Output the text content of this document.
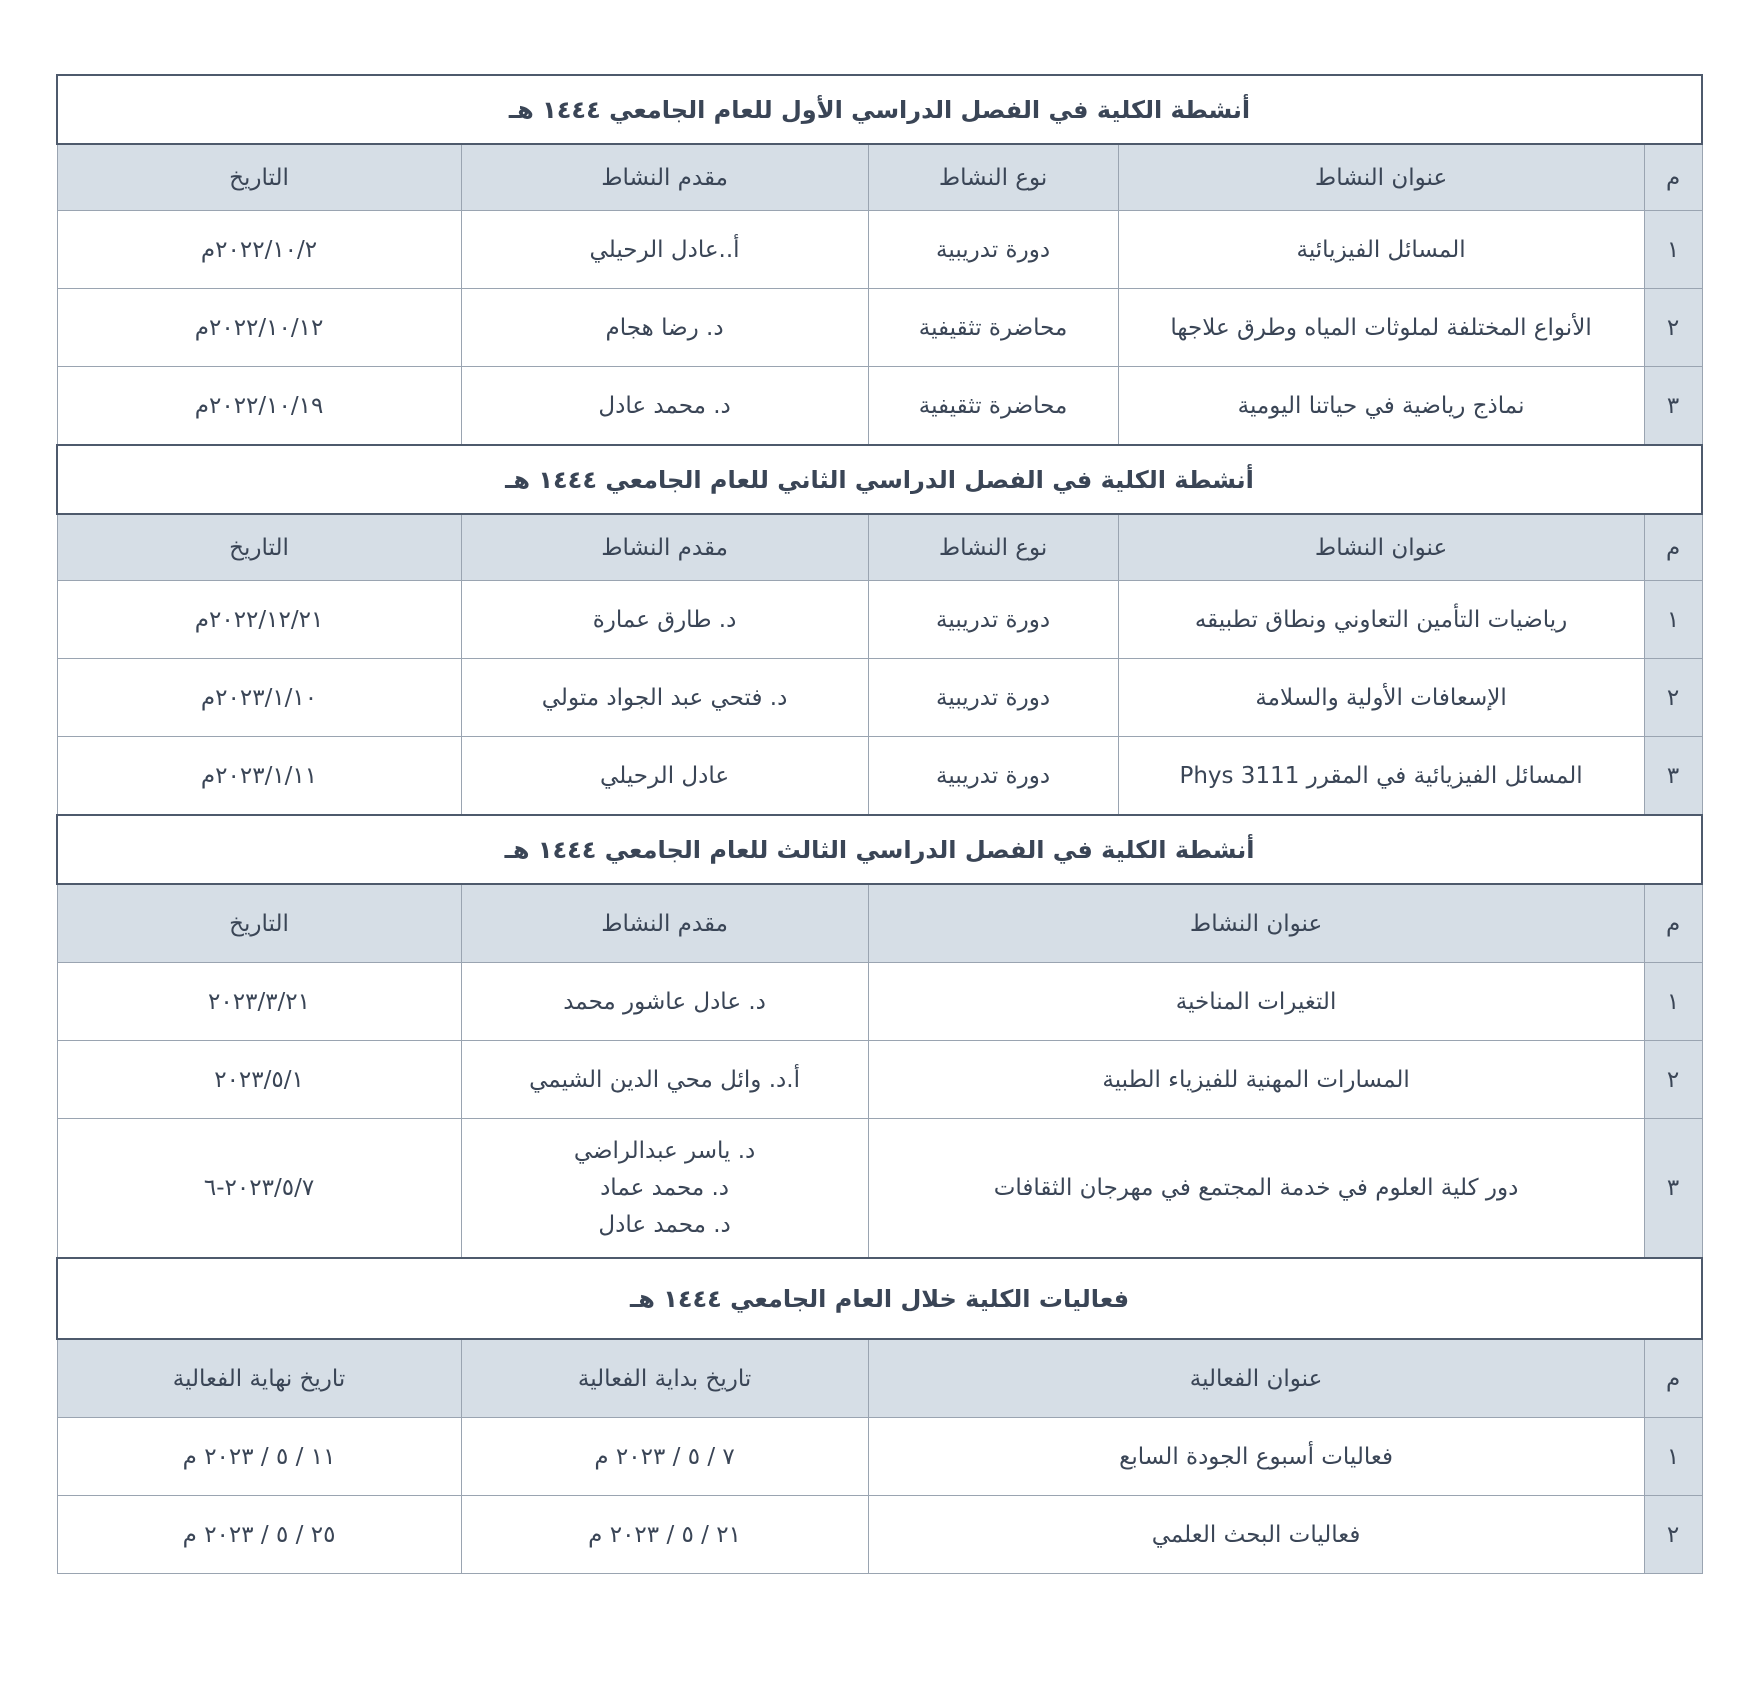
أنشطة الكلية في الفصل الدراسي الأول للعام الجامعي ١٤٤٤ هـ				
م	عنوان النشاط	نوع النشاط	مقدم النشاط	التاريخ
١	المسائل الفيزيائية	دورة تدريبية	أ..عادل الرحيلي	٢٠٢٢/١٠/٢م
٢	الأنواع المختلفة لملوثات المياه وطرق علاجها	محاضرة تثقيفية	د. رضا هجام	٢٠٢٢/١٠/١٢م
٣	نماذج رياضية في حياتنا اليومية	محاضرة تثقيفية	د. محمد عادل	٢٠٢٢/١٠/١٩م
أنشطة الكلية في الفصل الدراسي الثاني للعام الجامعي ١٤٤٤ هـ				
م	عنوان النشاط	نوع النشاط	مقدم النشاط	التاريخ
١	رياضيات التأمين التعاوني ونطاق تطبيقه	دورة تدريبية	د. طارق عمارة	٢٠٢٢/١٢/٢١م
٢	الإسعافات الأولية والسلامة	دورة تدريبية	د. فتحي عبد الجواد متولي	٢٠٢٣/١/١٠م
٣	المسائل الفيزيائية في المقرر Phys 3111	دورة تدريبية	عادل الرحيلي	٢٠٢٣/١/١١م
أنشطة الكلية في الفصل الدراسي الثالث للعام الجامعي ١٤٤٤ هـ				
م	عنوان النشاط		مقدم النشاط	التاريخ
١	التغيرات المناخية		د. عادل عاشور محمد	٢٠٢٣/٣/٢١
٢	المسارات المهنية للفيزياء الطبية		أ.د. وائل محي الدين الشيمي	٢٠٢٣/٥/١
٣	دور كلية العلوم في خدمة المجتمع في مهرجان الثقافات		د. ياسر عبدالراضي
د. محمد عماد
د. محمد عادل	٢٠٢٣/٥/٧-٦
فعاليات الكلية خلال العام الجامعي ١٤٤٤ هـ				
م	عنوان الفعالية		تاريخ بداية الفعالية	تاريخ نهاية الفعالية
١	فعاليات أسبوع الجودة السابع		٧ / ٥ / ٢٠٢٣ م	١١ / ٥ / ٢٠٢٣ م
٢	فعاليات البحث العلمي		٢١ / ٥ / ٢٠٢٣ م	٢٥ / ٥ / ٢٠٢٣ م
